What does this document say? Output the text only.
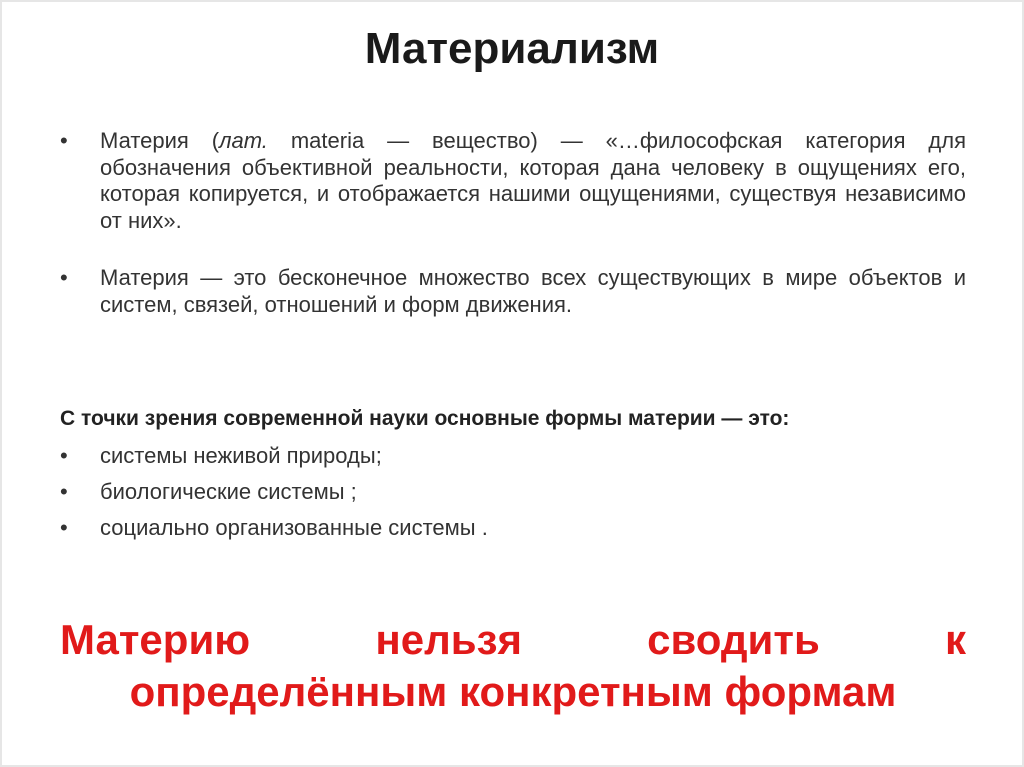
Материализм
• Материя (лат. materia — вещество) — «…философская категория для обозначения объективной реальности, которая дана человеку в ощущениях его, которая копируется, и отображается нашими ощущениями, существуя независимо от них».
• Материя — это бесконечное множество всех существующих в мире объектов и систем, связей, отношений и форм движения.
С точки зрения современной науки основные формы материи — это:
• системы неживой природы;
• биологические системы ;
• социально организованные системы .
Материю	нельзя	сводить	к
определённым конкретным формам
